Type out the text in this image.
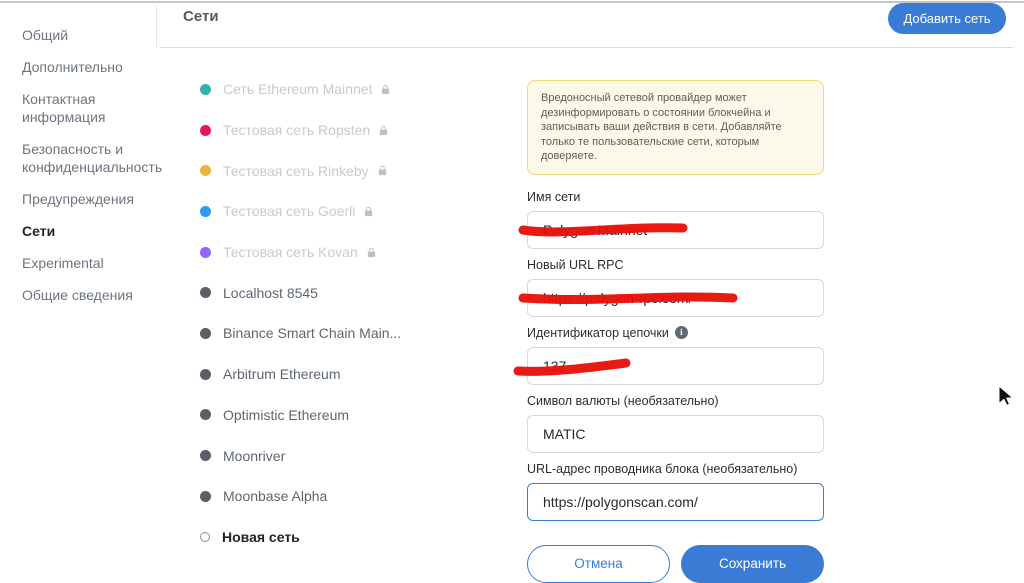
Общий
Дополнительно
Контактная информация
Безопасность и конфиденциальность
Предупреждения
Сети
Experimental
Общие сведения
Сети	Добавить сеть
Сеть Ethereum Mainnet
Тестовая сеть Ropsten
Тестовая сеть Rinkeby
Тестовая сеть Goerli
Тестовая сеть Kovan
Localhost 8545
Binance Smart Chain Main...
Arbitrum Ethereum
Optimistic Ethereum
Moonriver
Moonbase Alpha
Новая сеть
Вредоносный сетевой провайдер может дезинформировать о состоянии блокчейна и записывать ваши действия в сети. Добавляйте только те пользовательские сети, которым доверяете.
Имя сети
Polygon Mainnet
Новый URL RPC
https://polygon-rpc.com/
Идентификатор цепочки
i
137
Символ валюты (необязательно)
MATIC
URL-адрес проводника блока (необязательно)
https://polygonscan.com/
Отмена	Сохранить
